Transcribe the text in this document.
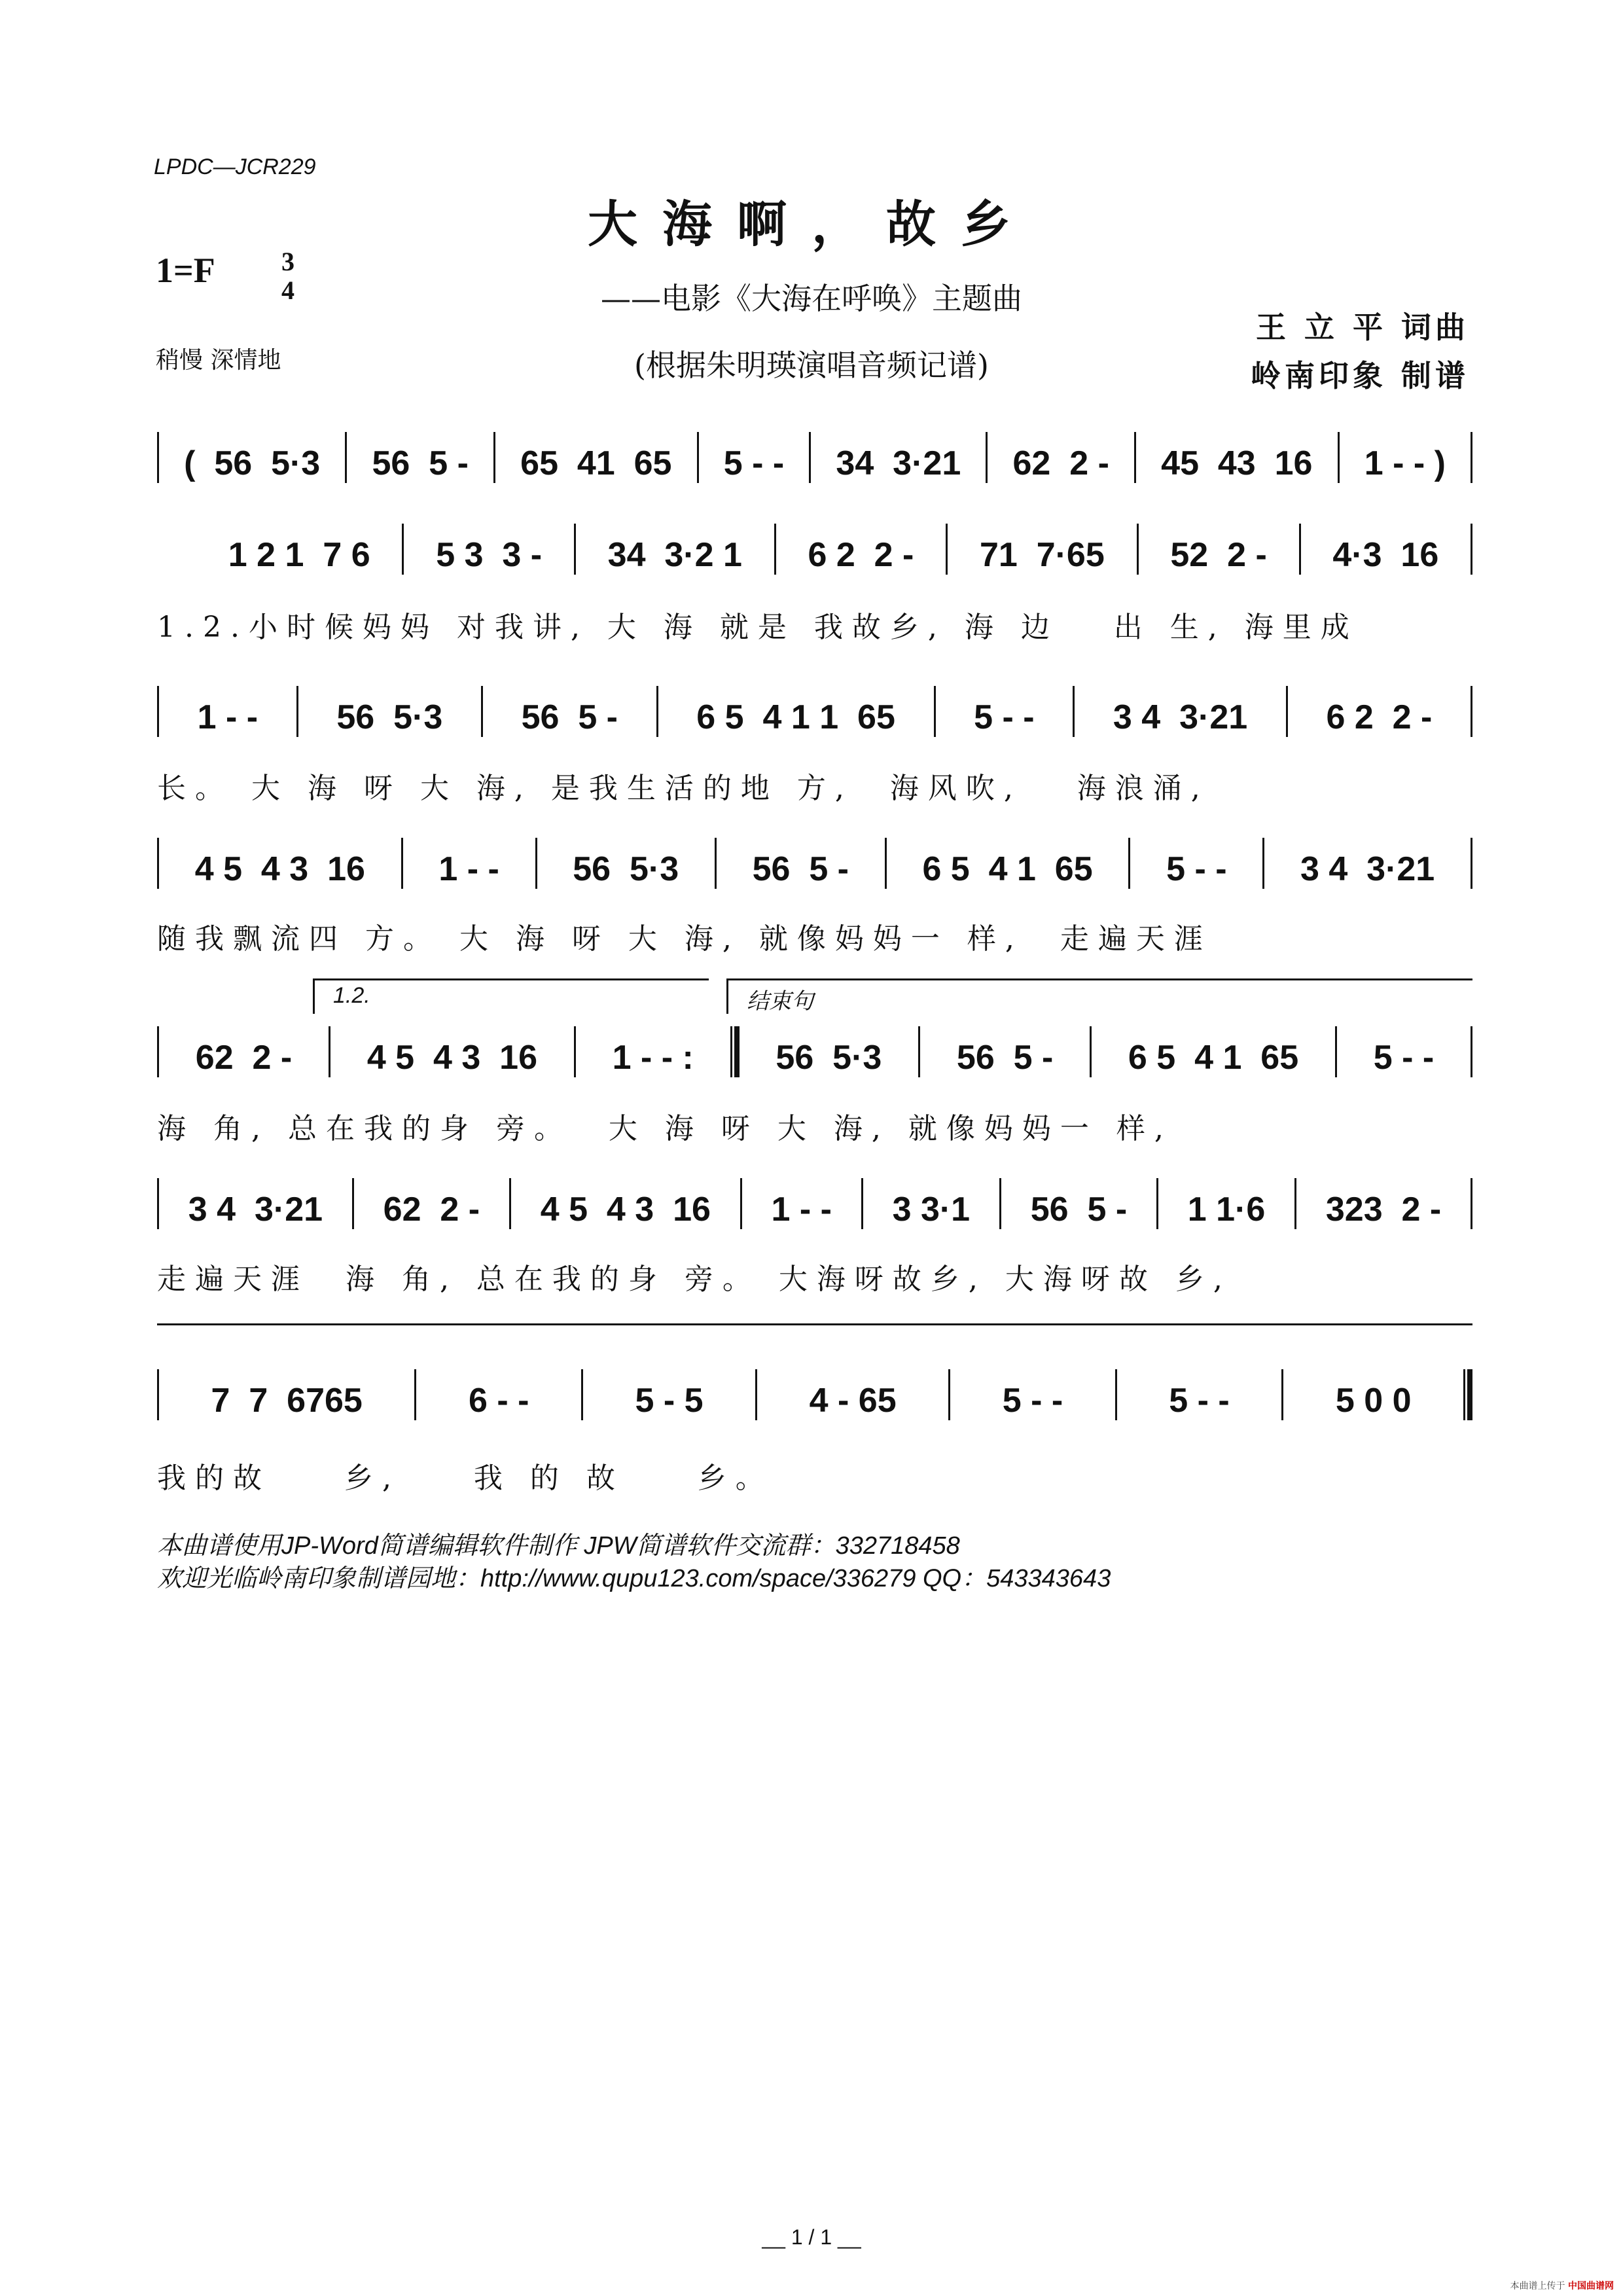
LPDC—JCR229
大海啊，故乡
1=F	3
4
稍慢 深情地
——电影《大海在呼唤》主题曲
(根据朱明瑛演唱音频记谱)
王 立 平 词曲
岭南印象 制谱
(  56  5·3	56  5 -	65  41  65	5 - -	34  3·21	62  2 -	45  43  16	1 - - )
1 2 1  7 6	5 3  3 -	34  3·2 1	6 2  2 -	71  7·65	52  2 -	4·3  16
1.2.小时候妈妈 对我讲, 大 海 就是 我故乡, 海 边   出 生, 海里成
1 - -	56  5·3	56  5 -	6 5  4 1 1  65	5 - -	3 4  3·21	6 2  2 -
长。 大 海 呀 大 海, 是我生活的地 方,  海风吹,   海浪涌,
4 5  4 3  16	1 - -	56  5·3	56  5 -	6 5  4 1  65	5 - -	3 4  3·21
随我飘流四 方。 大 海 呀 大 海, 就像妈妈一 样,  走遍天涯
1.2.	结束句
62  2 -	4 5  4 3  16	1 - - :	56  5·3	56  5 -	6 5  4 1  65	5 - -
海 角, 总在我的身 旁。  大 海 呀 大 海, 就像妈妈一 样,
3 4  3·21	62  2 -	4 5  4 3  16	1 - -	3 3·1	56  5 -	1 1·6	323  2 -
走遍天涯  海 角, 总在我的身 旁。 大海呀故乡, 大海呀故 乡,
7  7  6765	6 - -	5 - 5	4 - 65	5 - -	5 - -	5 0 0
我的故    乡,    我 的 故    乡。
本曲谱使用JP-Word简谱编辑软件制作 JPW简谱软件交流群：332718458
欢迎光临岭南印象制谱园地：http://www.qupu123.com/space/336279 QQ：543343643
__ 1 / 1 __
本曲谱上传于 中国曲谱网
